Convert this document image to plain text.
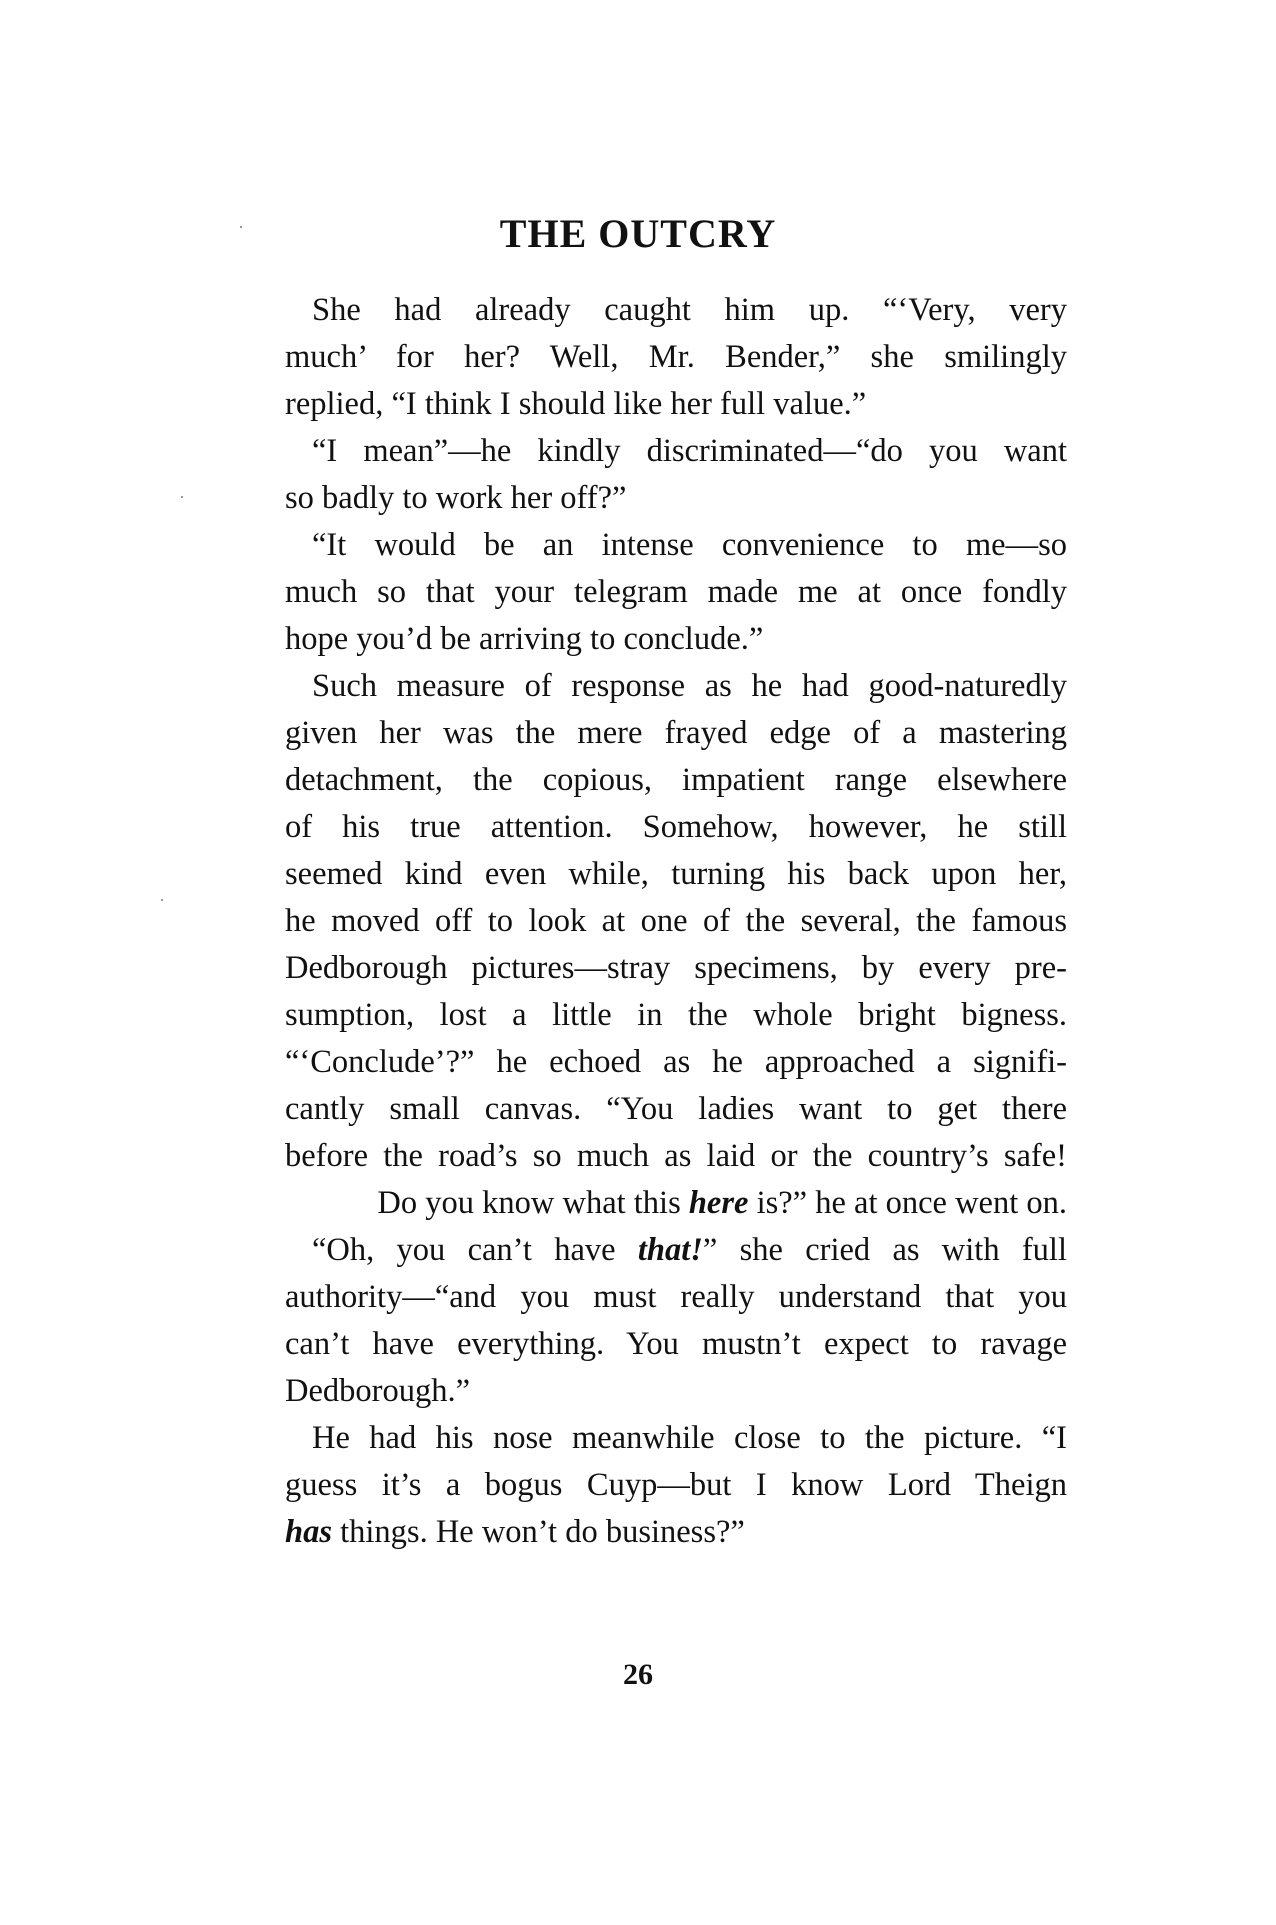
THE OUTCRY
She had already caught him up. “‘Very, very
much’ for her? Well, Mr. Bender,” she smilingly
replied, “I think I should like her full value.”
“I mean”—he kindly discriminated—“do you want
so badly to work her off?”
“It would be an intense convenience to me—so
much so that your telegram made me at once fondly
hope you’d be arriving to conclude.”
Such measure of response as he had good-naturedly
given her was the mere frayed edge of a mastering
detachment, the copious, impatient range elsewhere
of his true attention. Somehow, however, he still
seemed kind even while, turning his back upon her,
he moved off to look at one of the several, the famous
Dedborough pictures—stray specimens, by every pre-
sumption, lost a little in the whole bright bigness.
“‘Conclude’?” he echoed as he approached a signifi-
cantly small canvas. “You ladies want to get there
before the road’s so much as laid or the country’s safe!
Do you know what this here is?” he at once went on.
“Oh, you can’t have that!” she cried as with full
authority—“and you must really understand that you
can’t have everything. You mustn’t expect to ravage
Dedborough.”
He had his nose meanwhile close to the picture. “I
guess it’s a bogus Cuyp—but I know Lord Theign
has things. He won’t do business?”
26
